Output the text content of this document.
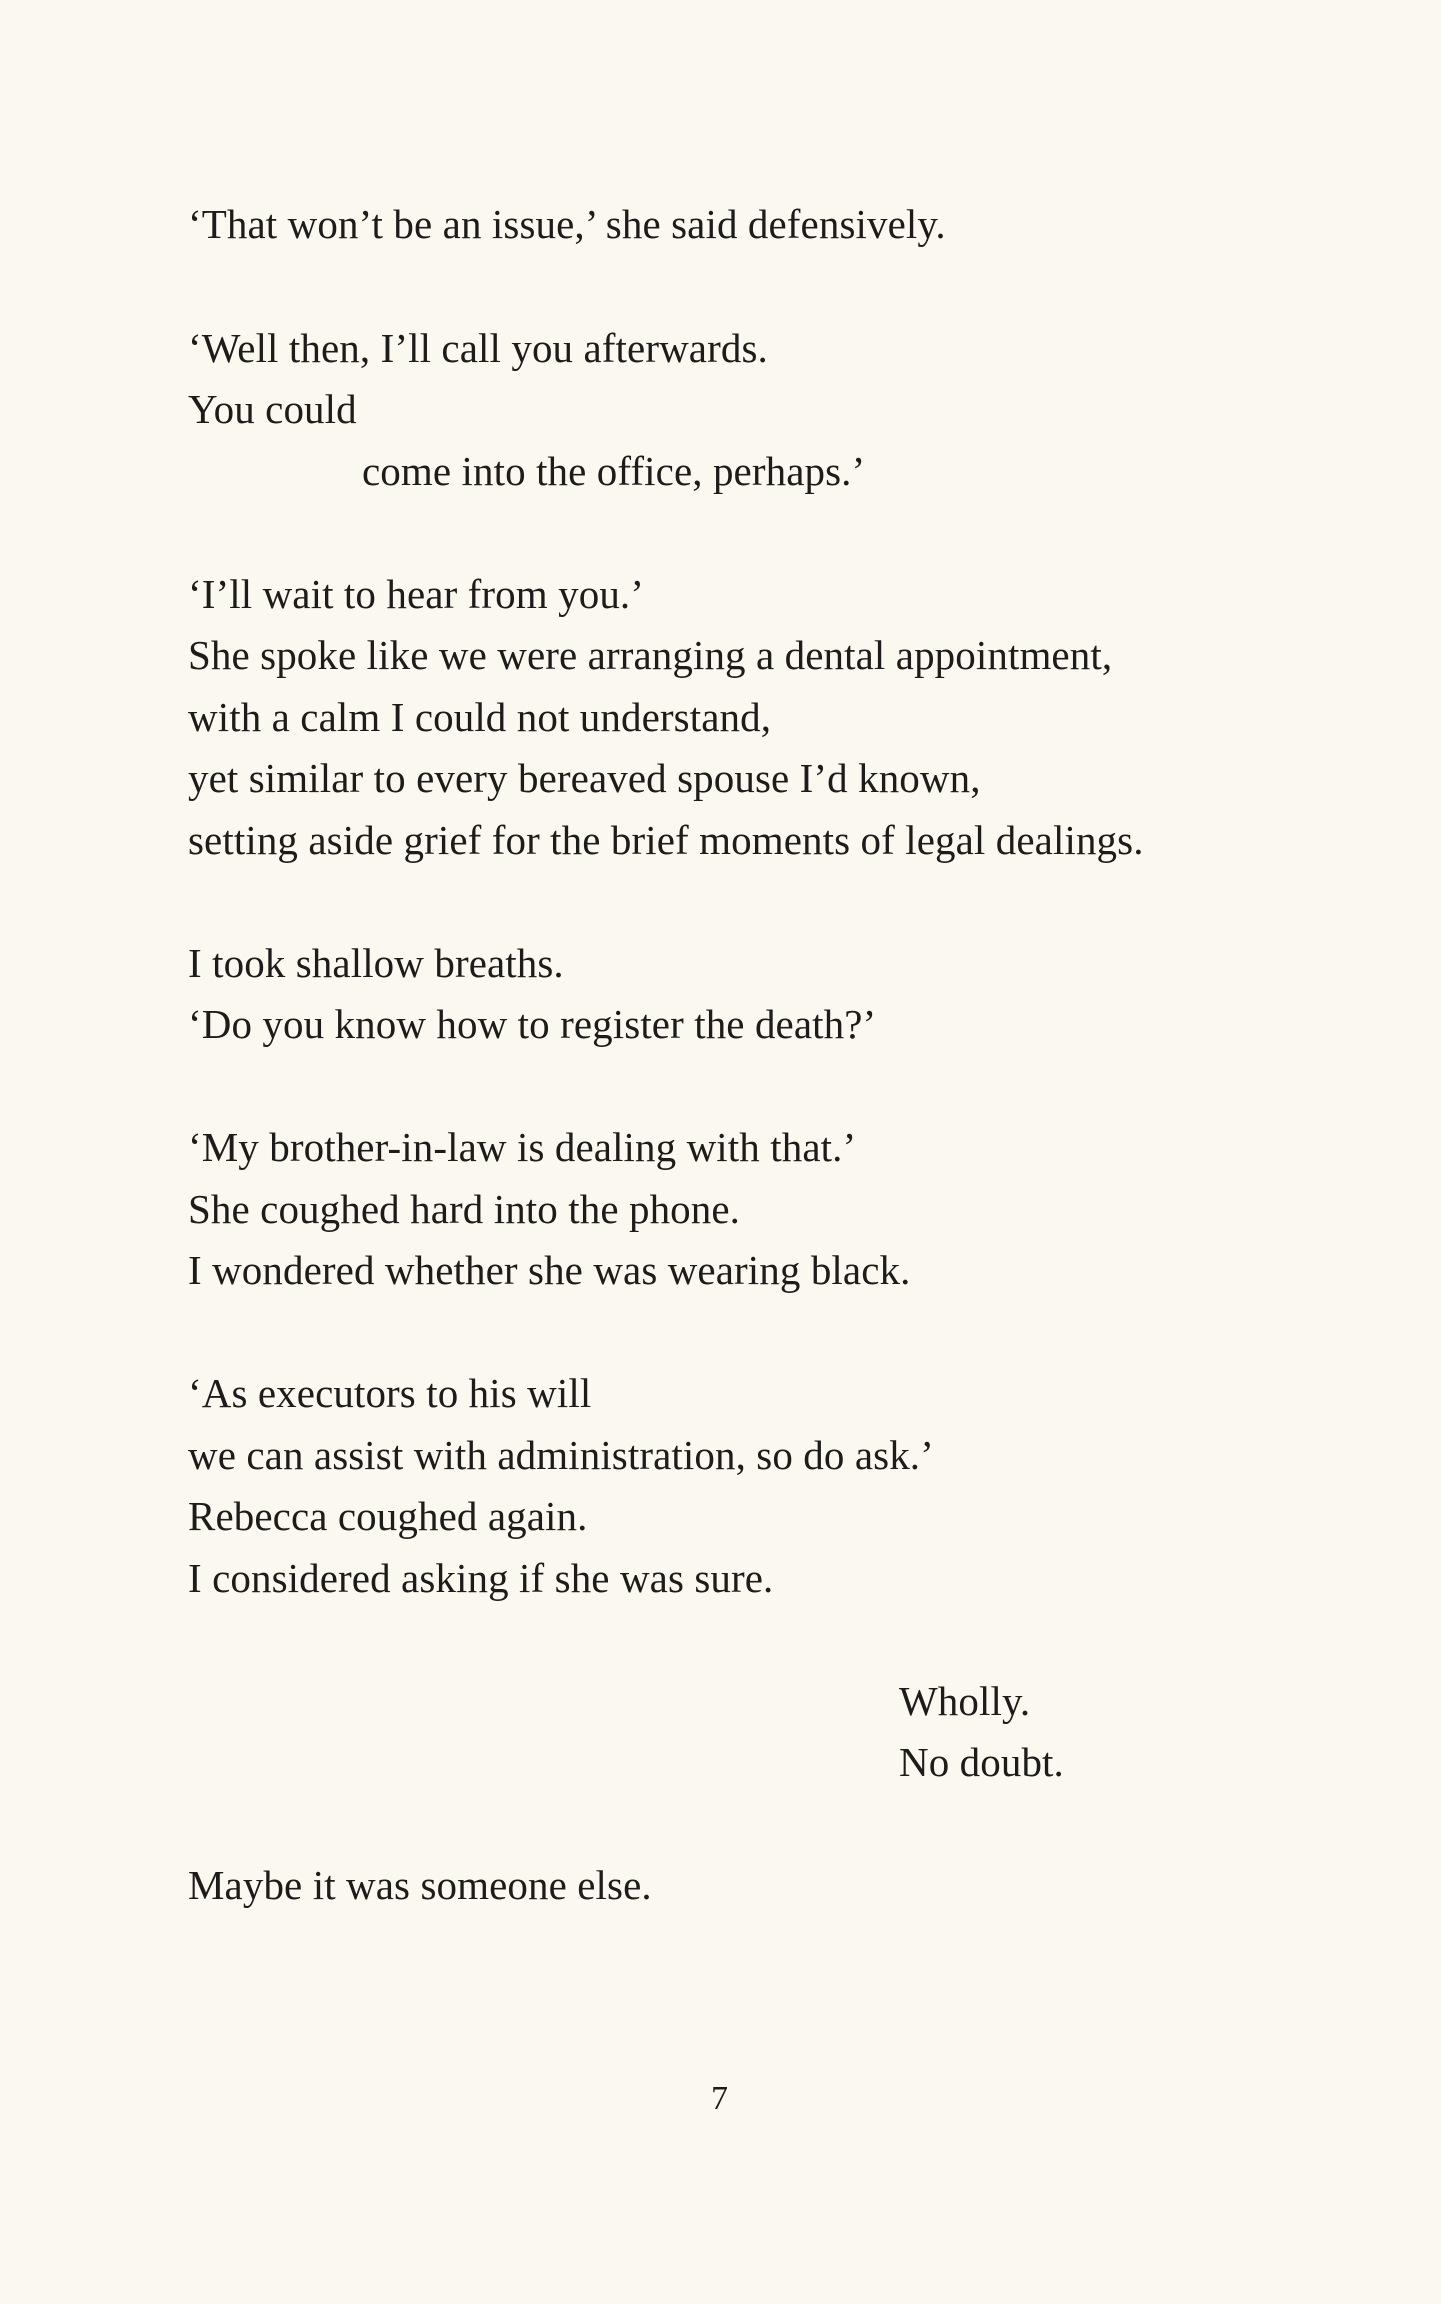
‘That won’t be an issue,’ she said defensively.
‘Well then, I’ll call you afterwards.
You could
come into the office, perhaps.’
‘I’ll wait to hear from you.’
She spoke like we were arranging a dental appointment,
with a calm I could not understand,
yet similar to every bereaved spouse I’d known,
setting aside grief for the brief moments of legal dealings.
I took shallow breaths.
‘Do you know how to register the death?’
‘My brother-in-law is dealing with that.’
She coughed hard into the phone.
I wondered whether she was wearing black.
‘As executors to his will
we can assist with administration, so do ask.’
Rebecca coughed again.
I considered asking if she was sure.
Wholly.
No doubt.
Maybe it was someone else.
7
